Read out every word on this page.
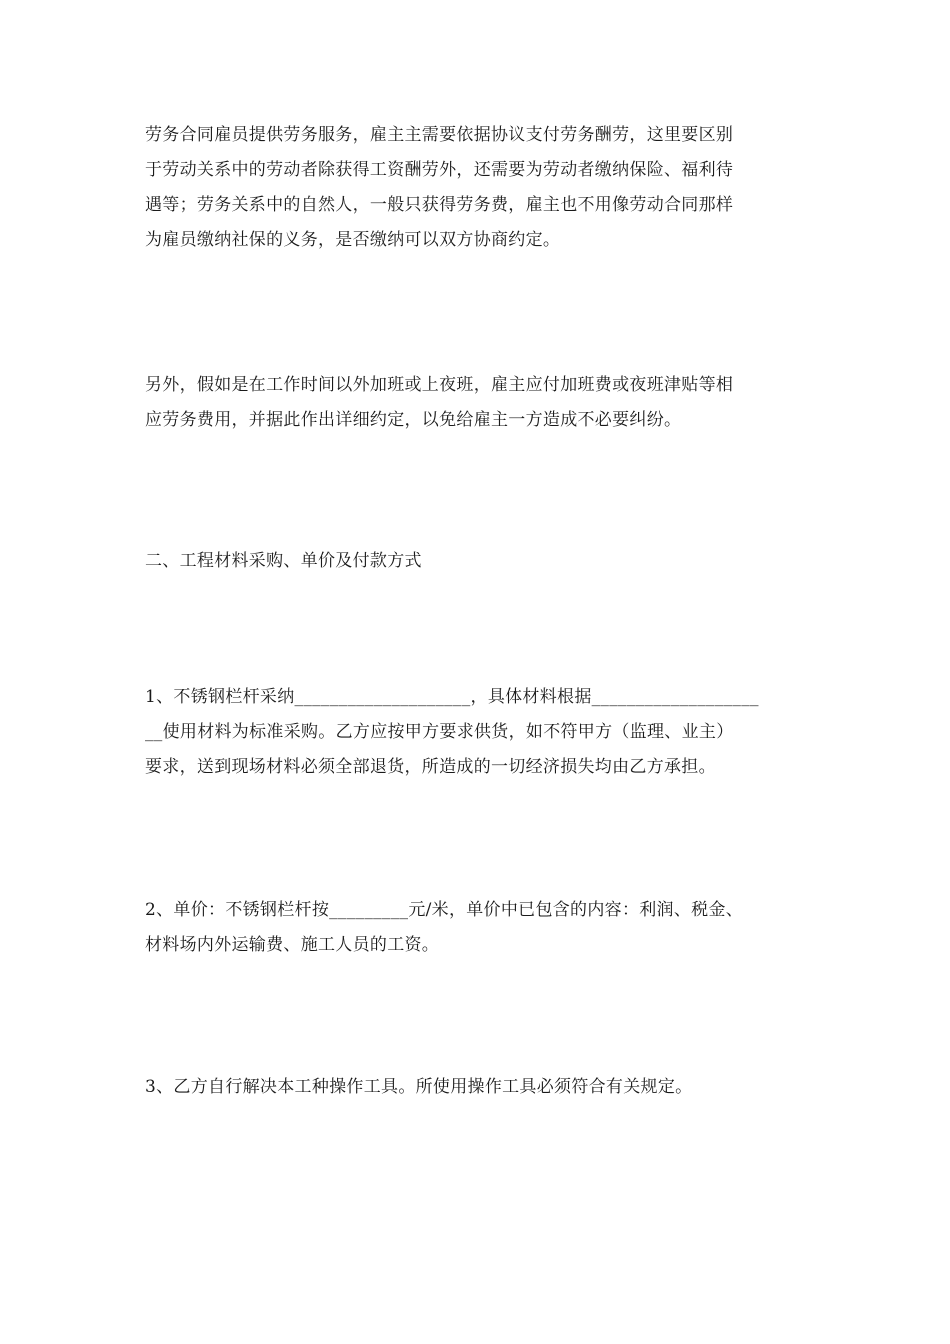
劳务合同雇员提供劳务服务，雇主主需要依据协议支付劳务酬劳，这里要区别
于劳动关系中的劳动者除获得工资酬劳外，还需要为劳动者缴纳保险、福利待
遇等；劳务关系中的自然人，一般只获得劳务费，雇主也不用像劳动合同那样
为雇员缴纳社保的义务，是否缴纳可以双方协商约定。

另外，假如是在工作时间以外加班或上夜班，雇主应付加班费或夜班津贴等相
应劳务费用，并据此作出详细约定，以免给雇主一方造成不必要纠纷。

二、工程材料采购、单价及付款方式

1、不锈钢栏杆采纳____________________，具体材料根据___________________
__使用材料为标准采购。乙方应按甲方要求供货，如不符甲方（监理、业主）
要求，送到现场材料必须全部退货，所造成的一切经济损失均由乙方承担。

2、单价：不锈钢栏杆按_________元/米，单价中已包含的内容：利润、税金、
材料场内外运输费、施工人员的工资。

3、乙方自行解决本工种操作工具。所使用操作工具必须符合有关规定。
